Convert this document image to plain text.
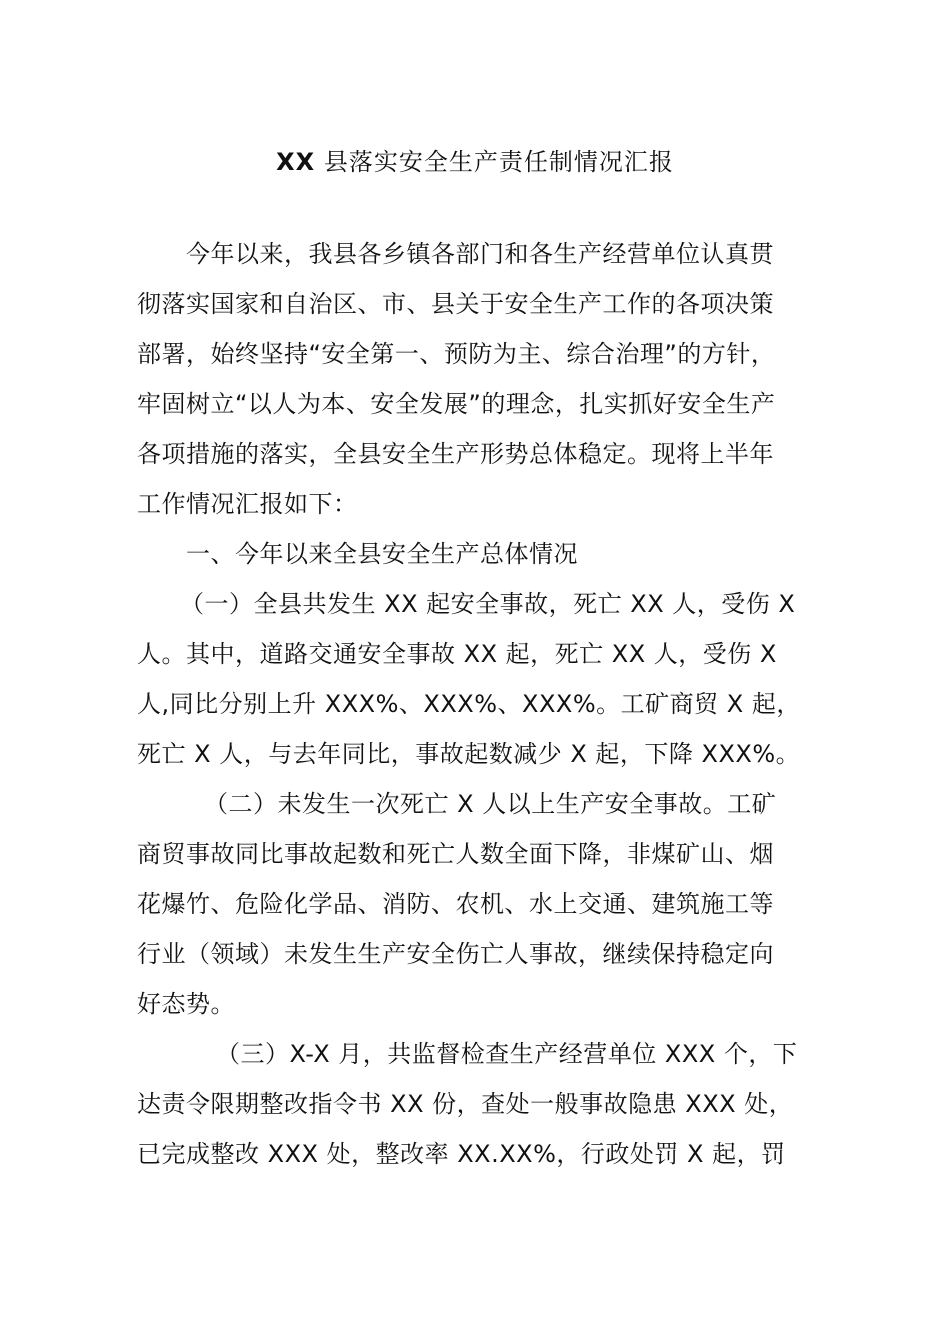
XX 县落实安全生产责任制情况汇报
今年以来，我县各乡镇各部门和各生产经营单位认真贯
彻落实国家和自治区、市、县关于安全生产工作的各项决策
部署，始终坚持“安全第一、预防为主、综合治理”的方针，
牢固树立“以人为本、安全发展”的理念，扎实抓好安全生产
各项措施的落实，全县安全生产形势总体稳定。现将上半年
工作情况汇报如下：
一、今年以来全县安全生产总体情况
（一）全县共发生 XX 起安全事故，死亡 XX 人，受伤 X
人。其中，道路交通安全事故 XX 起，死亡 XX 人，受伤 X
人,同比分别上升 XXX%、XXX%、XXX%。工矿商贸 X 起，
死亡 X 人，与去年同比，事故起数减少 X 起，下降 XXX%。
（二）未发生一次死亡 X 人以上生产安全事故。工矿
商贸事故同比事故起数和死亡人数全面下降，非煤矿山、烟
花爆竹、危险化学品、消防、农机、水上交通、建筑施工等
行业（领域）未发生生产安全伤亡人事故，继续保持稳定向
好态势。
（三）X-X 月，共监督检查生产经营单位 XXX 个，下
达责令限期整改指令书 XX 份，查处一般事故隐患 XXX 处，
已完成整改 XXX 处，整改率 XX.XX%，行政处罚 X 起，罚
